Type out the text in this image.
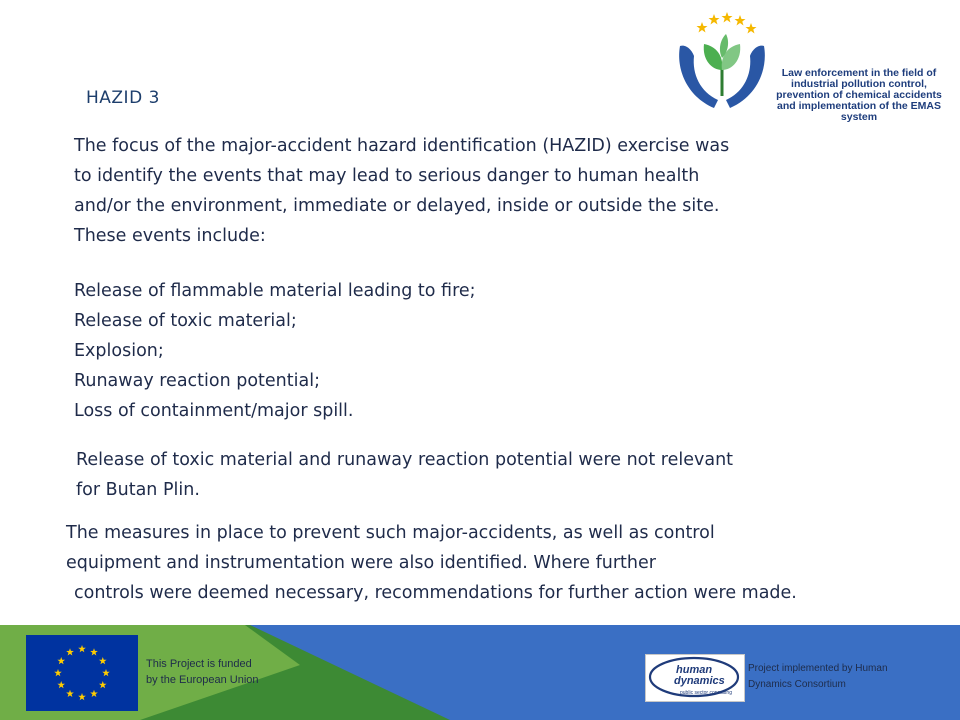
HAZID 3
The focus of the major-accident hazard identification (HAZID) exercise was
to identify the events that may lead to serious danger to human health
and/or the environment, immediate or delayed, inside or outside the site.
These events include:
Release of flammable material leading to fire;
Release of toxic material;
Explosion;
Runaway reaction potential;
Loss of containment/major spill.
Release of toxic material and runaway reaction potential were not relevant
for Butan Plin.
The measures in place to prevent such major-accidents, as well as control
equipment and instrumentation were also identified. Where further
controls were deemed necessary, recommendations for further action were made.
Law enforcement in the field of
industrial pollution control,
prevention of chemical accidents
and implementation of the EMAS system
This Project is funded
by the European Union
human
dynamics
public sector consulting
Project implemented by Human
Dynamics Consortium
